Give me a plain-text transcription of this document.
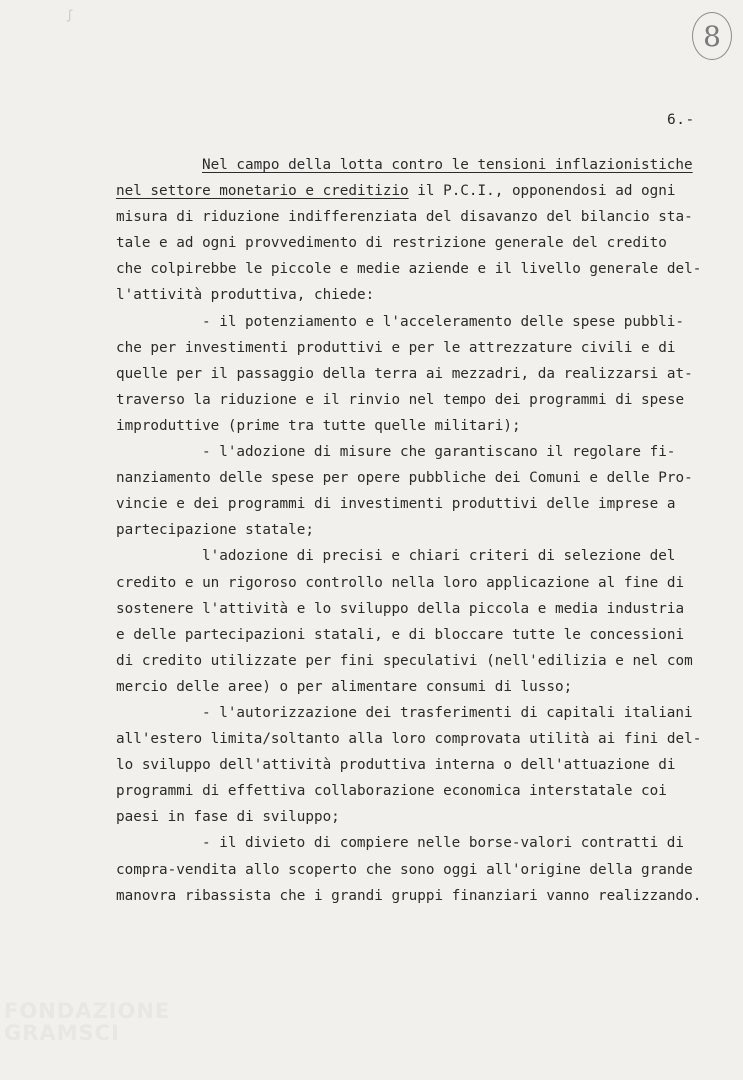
ʃ
8
6.-
Nel campo della lotta contro le tensioni inflazionistiche
nel settore monetario e creditizio il P.C.I., opponendosi ad ogni
misura di riduzione indifferenziata del disavanzo del bilancio sta-
tale e ad ogni provvedimento di restrizione generale del credito
che colpirebbe le piccole e medie aziende e il livello generale del-
l'attività produttiva, chiede:
- il potenziamento e l'acceleramento delle spese pubbli-
che per investimenti produttivi e per le attrezzature civili e di
quelle per il passaggio della terra ai mezzadri, da realizzarsi at-
traverso la riduzione e il rinvio nel tempo dei programmi di spese
improduttive (prime tra tutte quelle militari);
- l'adozione di misure che garantiscano il regolare fi-
nanziamento delle spese per opere pubbliche dei Comuni e delle Pro-
vincie e dei programmi di investimenti produttivi delle imprese a
partecipazione statale;
l'adozione di precisi e chiari criteri di selezione del
credito e un rigoroso controllo nella loro applicazione al fine di
sostenere l'attività e lo sviluppo della piccola e media industria
e delle partecipazioni statali, e di bloccare tutte le concessioni
di credito utilizzate per fini speculativi (nell'edilizia e nel com
mercio delle aree) o per alimentare consumi di lusso;
- l'autorizzazione dei trasferimenti di capitali italiani
all'estero limita/soltanto alla loro comprovata utilità ai fini del-
lo sviluppo dell'attività produttiva interna o dell'attuazione di
programmi di effettiva collaborazione economica interstatale coi
paesi in fase di sviluppo;
- il divieto di compiere nelle borse-valori contratti di
compra-vendita allo scoperto che sono oggi all'origine della grande
manovra ribassista che i grandi gruppi finanziari vanno realizzando.
FONDAZIONE
GRAMSCI
